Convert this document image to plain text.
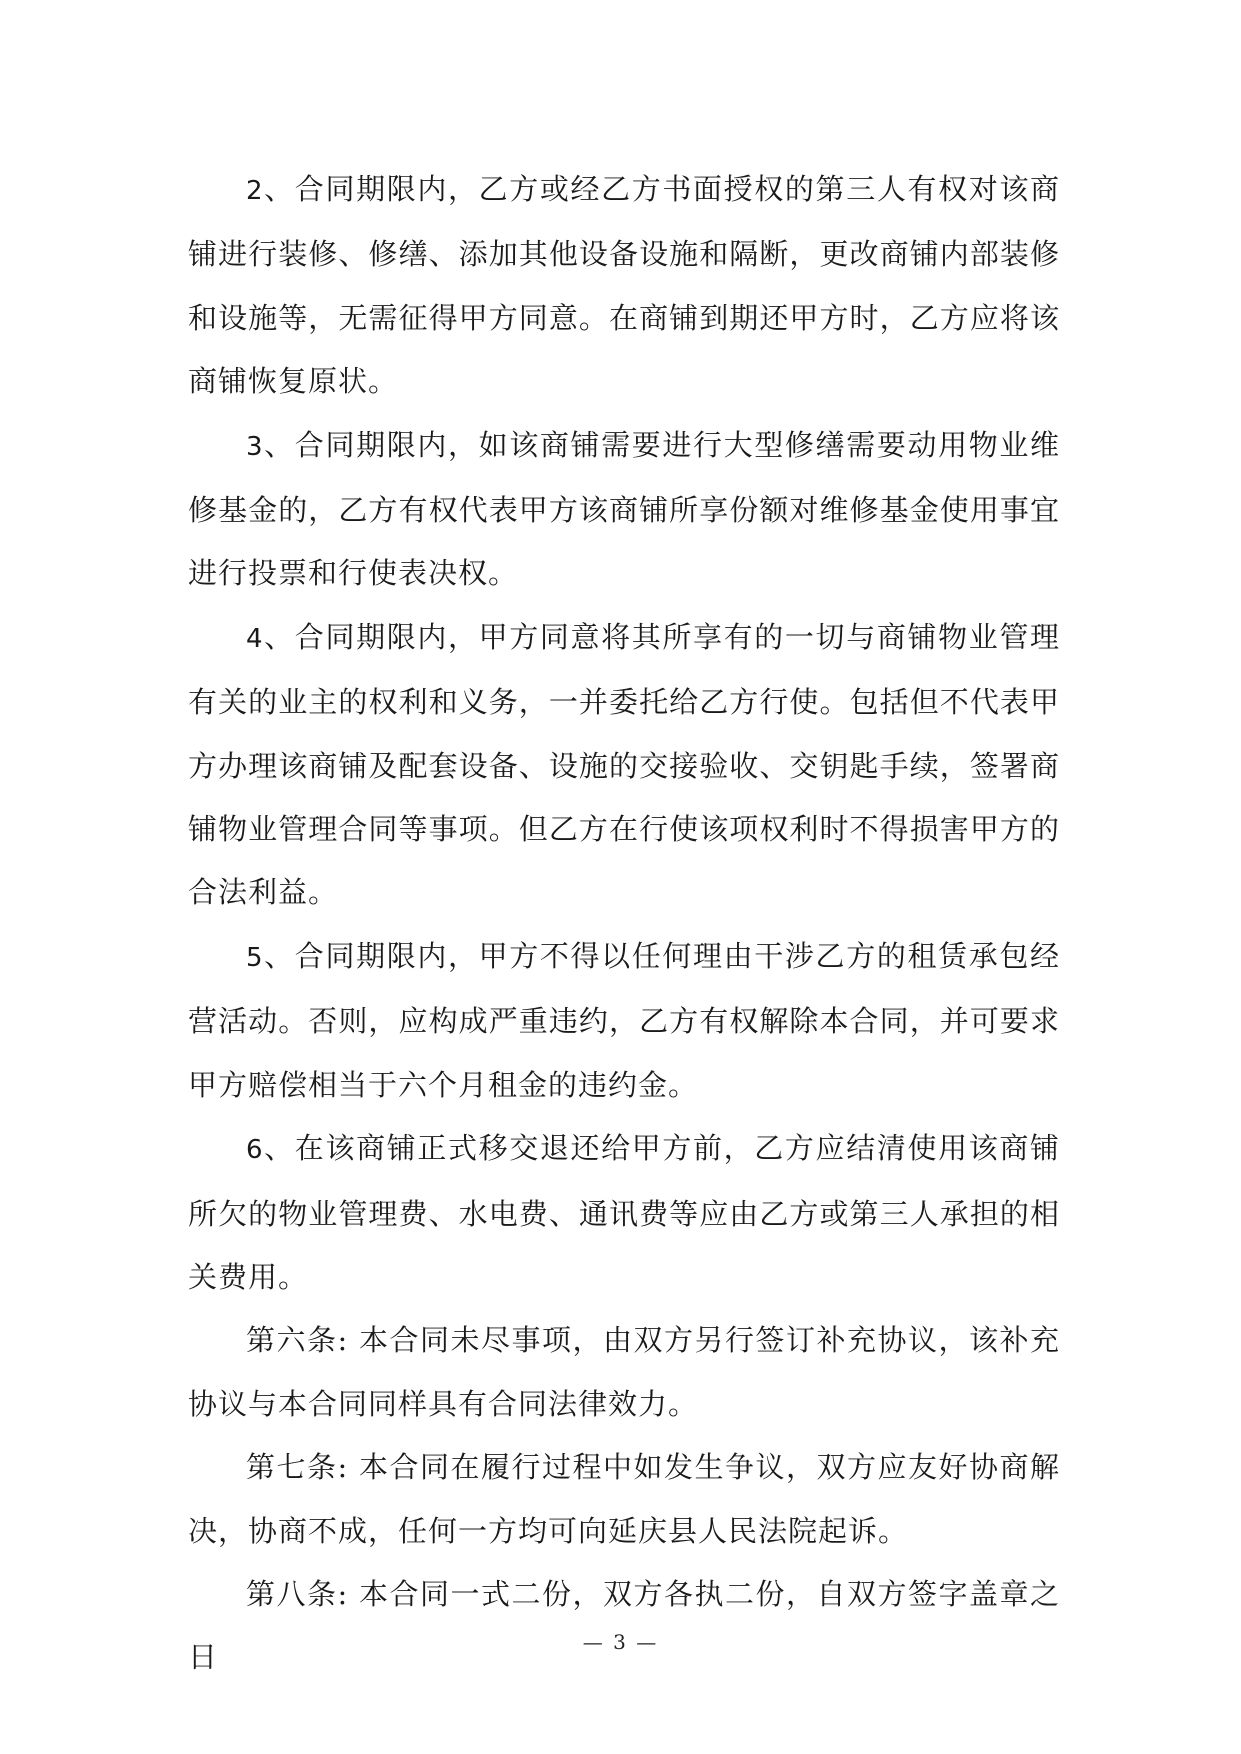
2、合同期限内，乙方或经乙方书面授权的第三人有权对该商铺进行装修、修缮、添加其他设备设施和隔断，更改商铺内部装修和设施等，无需征得甲方同意。在商铺到期还甲方时，乙方应将该商铺恢复原状。

3、合同期限内，如该商铺需要进行大型修缮需要动用物业维修基金的，乙方有权代表甲方该商铺所享份额对维修基金使用事宜进行投票和行使表决权。

4、合同期限内，甲方同意将其所享有的一切与商铺物业管理有关的业主的权利和义务，一并委托给乙方行使。包括但不代表甲方办理该商铺及配套设备、设施的交接验收、交钥匙手续，签署商铺物业管理合同等事项。但乙方在行使该项权利时不得损害甲方的合法利益。

5、合同期限内，甲方不得以任何理由干涉乙方的租赁承包经营活动。否则，应构成严重违约，乙方有权解除本合同，并可要求甲方赔偿相当于六个月租金的违约金。

6、在该商铺正式移交退还给甲方前，乙方应结清使用该商铺所欠的物业管理费、水电费、通讯费等应由乙方或第三人承担的相关费用。

第六条: 本合同未尽事项，由双方另行签订补充协议，该补充协议与本合同同样具有合同法律效力。

第七条: 本合同在履行过程中如发生争议，双方应友好协商解决，协商不成，任何一方均可向延庆县人民法院起诉。

第八条: 本合同一式二份，双方各执二份，自双方签字盖章之日	— 3 —
